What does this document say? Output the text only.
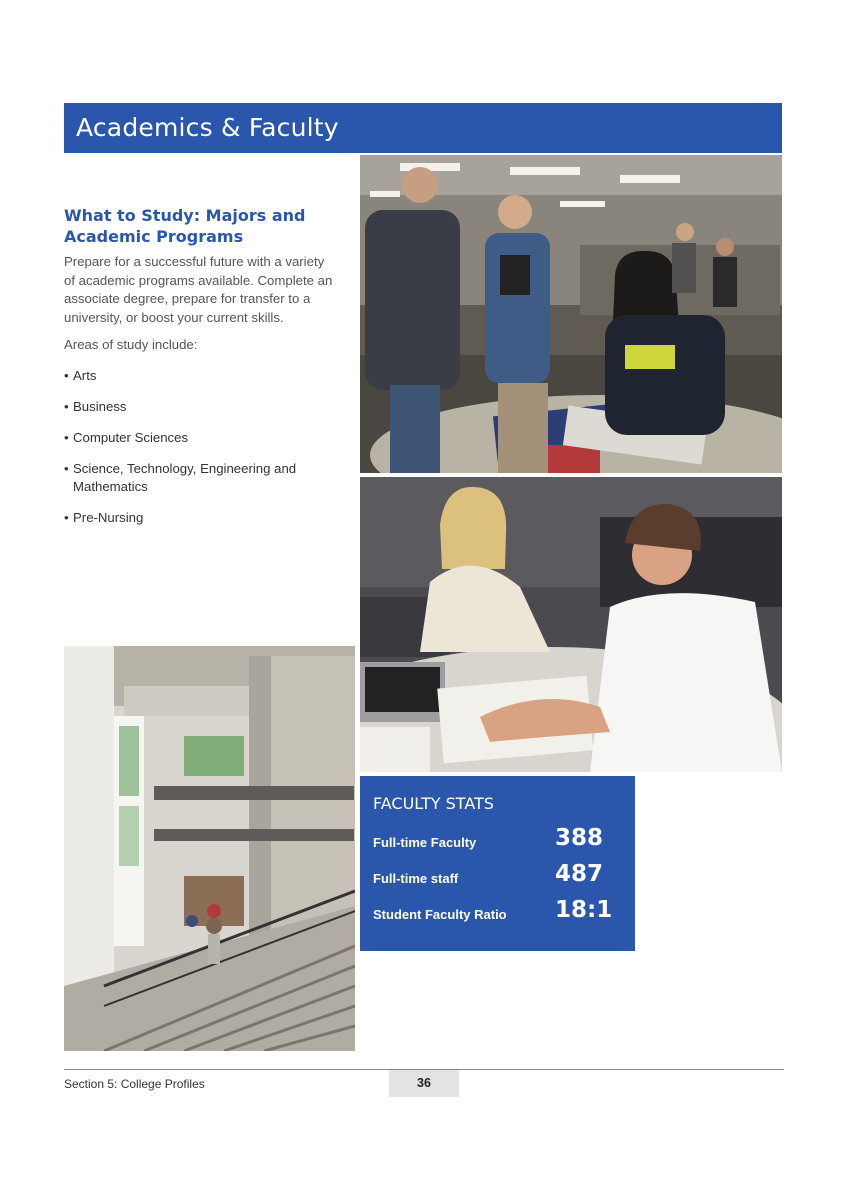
Academics & Faculty
What to Study: Majors and Academic Programs

Prepare for a successful future with a variety of academic programs available. Complete an associate degree, prepare for transfer to a university, or boost your current skills.

Areas of study include:

• Arts
• Business
• Computer Sciences
• Science, Technology, Engineering and Mathematics
• Pre-Nursing
FACULTY STATS
Full-time Faculty	388
Full-time staff	487
Student Faculty Ratio 18:1
Section 5: College Profiles	36
